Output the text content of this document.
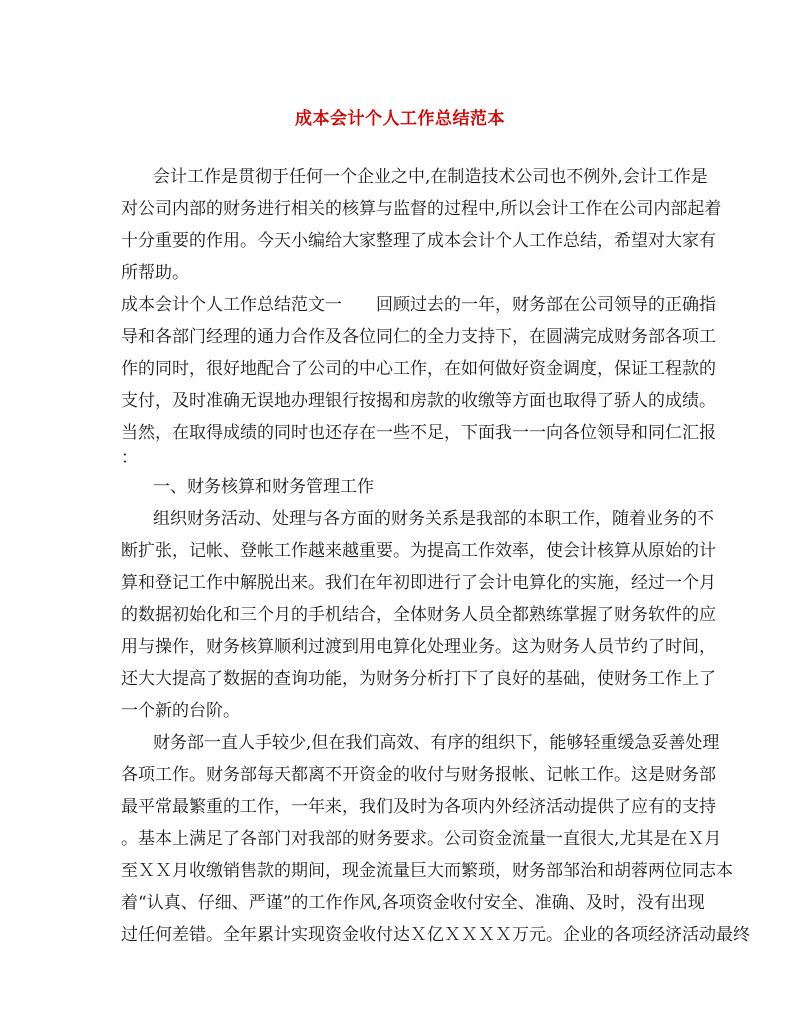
成本会计个人工作总结范本
会计工作是贯彻于任何一个企业之中,在制造技术公司也不例外,会计工作是
对公司内部的财务进行相关的核算与监督的过程中,所以会计工作在公司内部起着
十分重要的作用。今天小编给大家整理了成本会计个人工作总结，希望对大家有
所帮助。
成本会计个人工作总结范文一　　回顾过去的一年，财务部在公司领导的正确指
导和各部门经理的通力合作及各位同仁的全力支持下，在圆满完成财务部各项工
作的同时，很好地配合了公司的中心工作，在如何做好资金调度，保证工程款的
支付，及时准确无误地办理银行按揭和房款的收缴等方面也取得了骄人的成绩。
当然，在取得成绩的同时也还存在一些不足，下面我一一向各位领导和同仁汇报
：
一、财务核算和财务管理工作
组织财务活动、处理与各方面的财务关系是我部的本职工作，随着业务的不
断扩张，记帐、登帐工作越来越重要。为提高工作效率，使会计核算从原始的计
算和登记工作中解脱出来。我们在年初即进行了会计电算化的实施，经过一个月
的数据初始化和三个月的手机结合，全体财务人员全都熟练掌握了财务软件的应
用与操作，财务核算顺利过渡到用电算化处理业务。这为财务人员节约了时间，
还大大提高了数据的查询功能，为财务分析打下了良好的基础，使财务工作上了
一个新的台阶。
财务部一直人手较少,但在我们高效、有序的组织下，能够轻重缓急妥善处理
各项工作。财务部每天都离不开资金的收付与财务报帐、记帐工作。这是财务部
最平常最繁重的工作，一年来，我们及时为各项内外经济活动提供了应有的支持
。基本上满足了各部门对我部的财务要求。公司资金流量一直很大,尤其是在Ｘ月
至ＸＸ月收缴销售款的期间，现金流量巨大而繁琐，财务部邹治和胡蓉两位同志本
着“认真、仔细、严谨”的工作作风,各项资金收付安全、准确、及时，没有出现
过任何差错。全年累计实现资金收付达Ｘ亿ＸＸＸＸ万元。企业的各项经济活动最终
